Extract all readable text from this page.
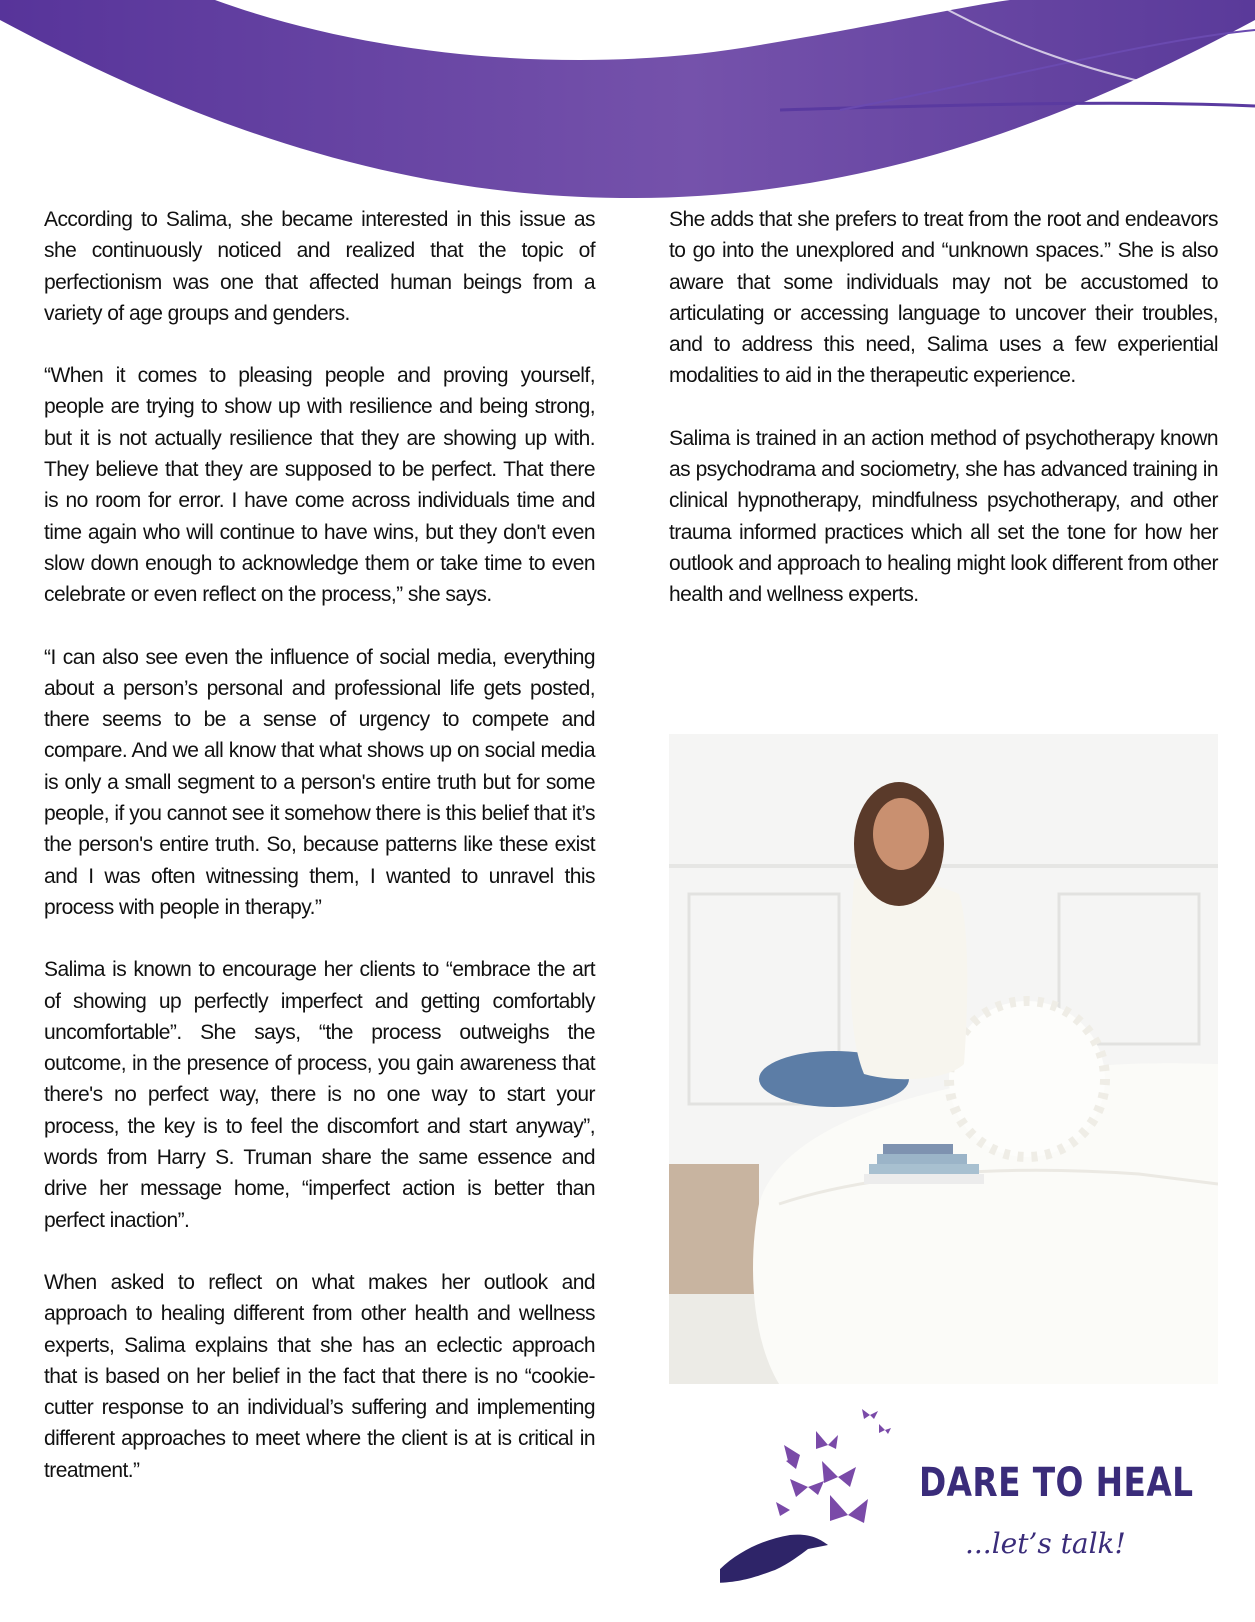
According to Salima, she became interested in this issue as she continuously noticed and realized that the topic of perfectionism was one that affected human beings from a variety of age groups and genders.

“When it comes to pleasing people and proving yourself, people are trying to show up with resilience and being strong, but it is not actually resilience that they are showing up with. They believe that they are supposed to be perfect. That there is no room for error. I have come across individuals time and time again who will continue to have wins, but they don't even slow down enough to acknowledge them or take time to even celebrate or even reflect on the process,” she says.

“I can also see even the influence of social media, everything about a person’s personal and professional life gets posted, there seems to be a sense of urgency to compete and compare. And we all know that what shows up on social media is only a small segment to a person's entire truth but for some people, if you cannot see it somehow there is this belief that it’s the person's entire truth. So, because patterns like these exist and I was often witnessing them, I wanted to unravel this process with people in therapy.”

Salima is known to encourage her clients to “embrace the art of showing up perfectly imperfect and getting comfortably uncomfortable”. She says, “the process outweighs the outcome, in the presence of process, you gain awareness that there's no perfect way, there is no one way to start your process, the key is to feel the discomfort and start anyway”, words from Harry S. Truman share the same essence and drive her message home, “imperfect action is better than perfect inaction”.

When asked to reflect on what makes her outlook and approach to healing different from other health and wellness experts, Salima explains that she has an eclectic approach that is based on her belief in the fact that there is no “cookie-cutter response to an individual’s suffering and implementing different approaches to meet where the client is at is critical in treatment.”

She adds that she prefers to treat from the root and endeavors to go into the unexplored and “unknown spaces.” She is also aware that some individuals may not be accustomed to articulating or accessing language to uncover their troubles, and to address this need, Salima uses a few experiential modalities to aid in the therapeutic experience.

Salima is trained in an action method of psychotherapy known as psychodrama and sociometry, she has advanced training in clinical hypnotherapy, mindfulness psychotherapy, and other trauma informed practices which all set the tone for how her outlook and approach to healing might look different from other health and wellness experts.

DARE TO HEAL
...let’s talk!
